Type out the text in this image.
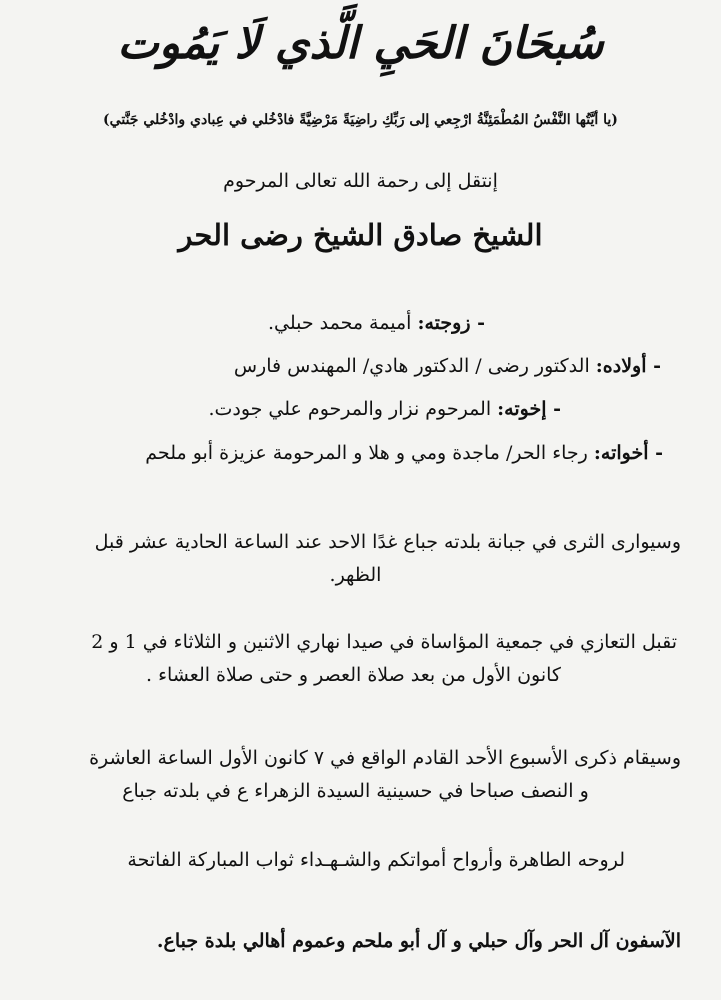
سُبحَانَ الحَيِ الَّذي لَا يَمُوت
(يا أيَّتُها النَّفْسُ المُطْمَئِنَّةُ ارْجِعي إلى رَبِّكِ راضِيَةً مَرْضِيَّةً فادْخُلي في عِبادي وادْخُلي جَنَّتي)
إنتقل إلى رحمة الله تعالى المرحوم
الشيخ صادق الشيخ رضى الحر
- زوجته: أميمة محمد حبلي.
- أولاده: الدكتور رضى / الدكتور هادي/ المهندس فارس
- إخوته: المرحوم نزار والمرحوم علي جودت.
- أخواته: رجاء الحر/ ماجدة ومي و هلا و المرحومة عزيزة أبو ملحم
وسيوارى الثرى في جبانة بلدته جباع غدًا الاحد عند الساعة الحادية عشر قبل
الظهر.
تقبل التعازي في جمعية المؤاساة في صيدا نهاري الاثنين و الثلاثاء في 1 و 2
كانون الأول من بعد صلاة العصر و حتى صلاة العشاء .
وسيقام ذكرى الأسبوع الأحد القادم الواقع في ٧ كانون الأول الساعة العاشرة
و النصف صباحا في حسينية السيدة الزهراء ع في بلدته جباع
لروحه الطاهرة وأرواح أمواتكم والشـهـداء ثواب المباركة الفاتحة
الآسفون آل الحر وآل حبلي و آل أبو ملحم وعموم أهالي بلدة جباع.
